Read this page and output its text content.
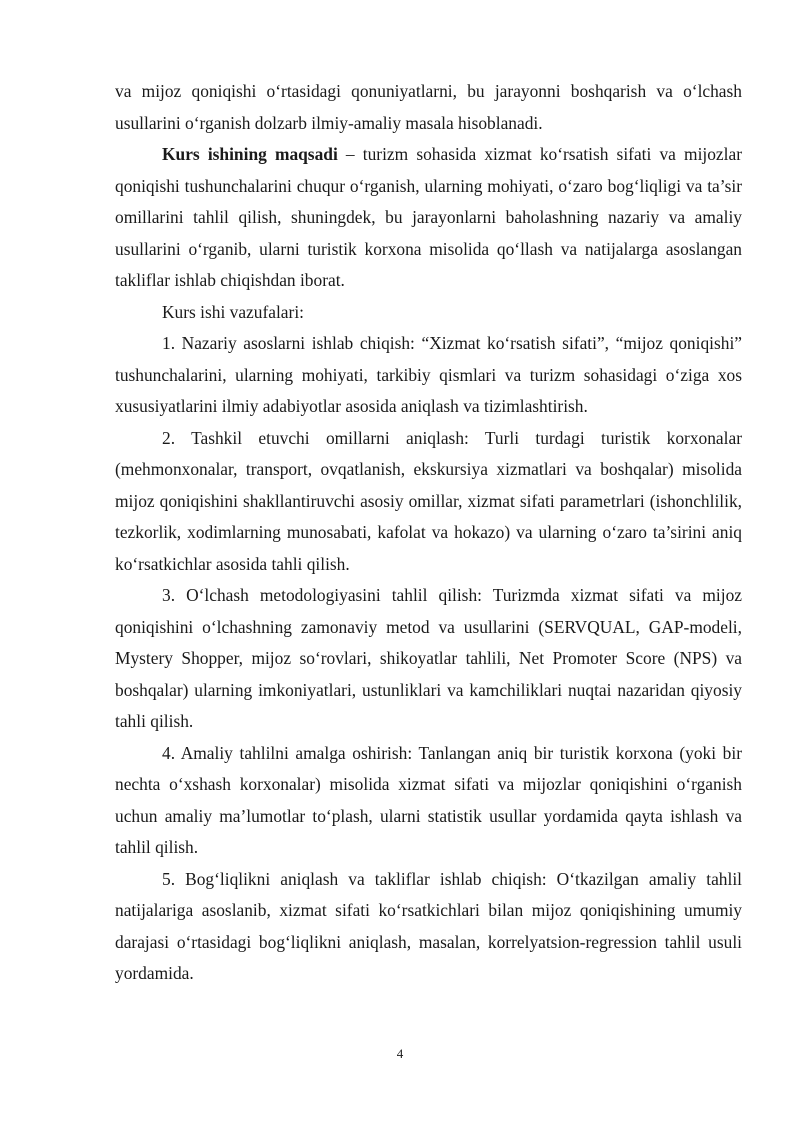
va mijoz qoniqishi o‘rtasidagi qonuniyatlarni, bu jarayonni boshqarish va o‘lchash usullarini o‘rganish dolzarb ilmiy-amaliy masala hisoblanadi.

Kurs ishining maqsadi – turizm sohasida xizmat ko‘rsatish sifati va mijozlar qoniqishi tushunchalarini chuqur o‘rganish, ularning mohiyati, o‘zaro bog‘liqligi va ta’sir omillarini tahlil qilish, shuningdek, bu jarayonlarni baholashning nazariy va amaliy usullarini o‘rganib, ularni turistik korxona misolida qo‘llash va natijalarga asoslangan takliflar ishlab chiqishdan iborat.

Kurs ishi vazufalari:

1. Nazariy asoslarni ishlab chiqish: “Xizmat ko‘rsatish sifati”, “mijoz qoniqishi” tushunchalarini, ularning mohiyati, tarkibiy qismlari va turizm sohasidagi o‘ziga xos xususiyatlarini ilmiy adabiyotlar asosida aniqlash va tizimlashtirish.

2. Tashkil etuvchi omillarni aniqlash: Turli turdagi turistik korxonalar (mehmonxonalar, transport, ovqatlanish, ekskursiya xizmatlari va boshqalar) misolida mijoz qoniqishini shakllantiruvchi asosiy omillar, xizmat sifati parametrlari (ishonchlilik, tezkorlik, xodimlarning munosabati, kafolat va hokazo) va ularning o‘zaro ta’sirini aniq ko‘rsatkichlar asosida tahli qilish.

3. O‘lchash metodologiyasini tahlil qilish: Turizmda xizmat sifati va mijoz qoniqishini o‘lchashning zamonaviy metod va usullarini (SERVQUAL, GAP-modeli, Mystery Shopper, mijoz so‘rovlari, shikoyatlar tahlili, Net Promoter Score (NPS) va boshqalar) ularning imkoniyatlari, ustunliklari va kamchiliklari nuqtai nazaridan qiyosiy tahli qilish.

4. Amaliy tahlilni amalga oshirish: Tanlangan aniq bir turistik korxona (yoki bir nechta o‘xshash korxonalar) misolida xizmat sifati va mijozlar qoniqishini o‘rganish uchun amaliy ma’lumotlar to‘plash, ularni statistik usullar yordamida qayta ishlash va tahlil qilish.

5. Bog‘liqlikni aniqlash va takliflar ishlab chiqish: O‘tkazilgan amaliy tahlil natijalariga asoslanib, xizmat sifati ko‘rsatkichlari bilan mijoz qoniqishining umumiy darajasi o‘rtasidagi bog‘liqlikni aniqlash, masalan, korrelyatsion-regression tahlil usuli yordamida.

4
